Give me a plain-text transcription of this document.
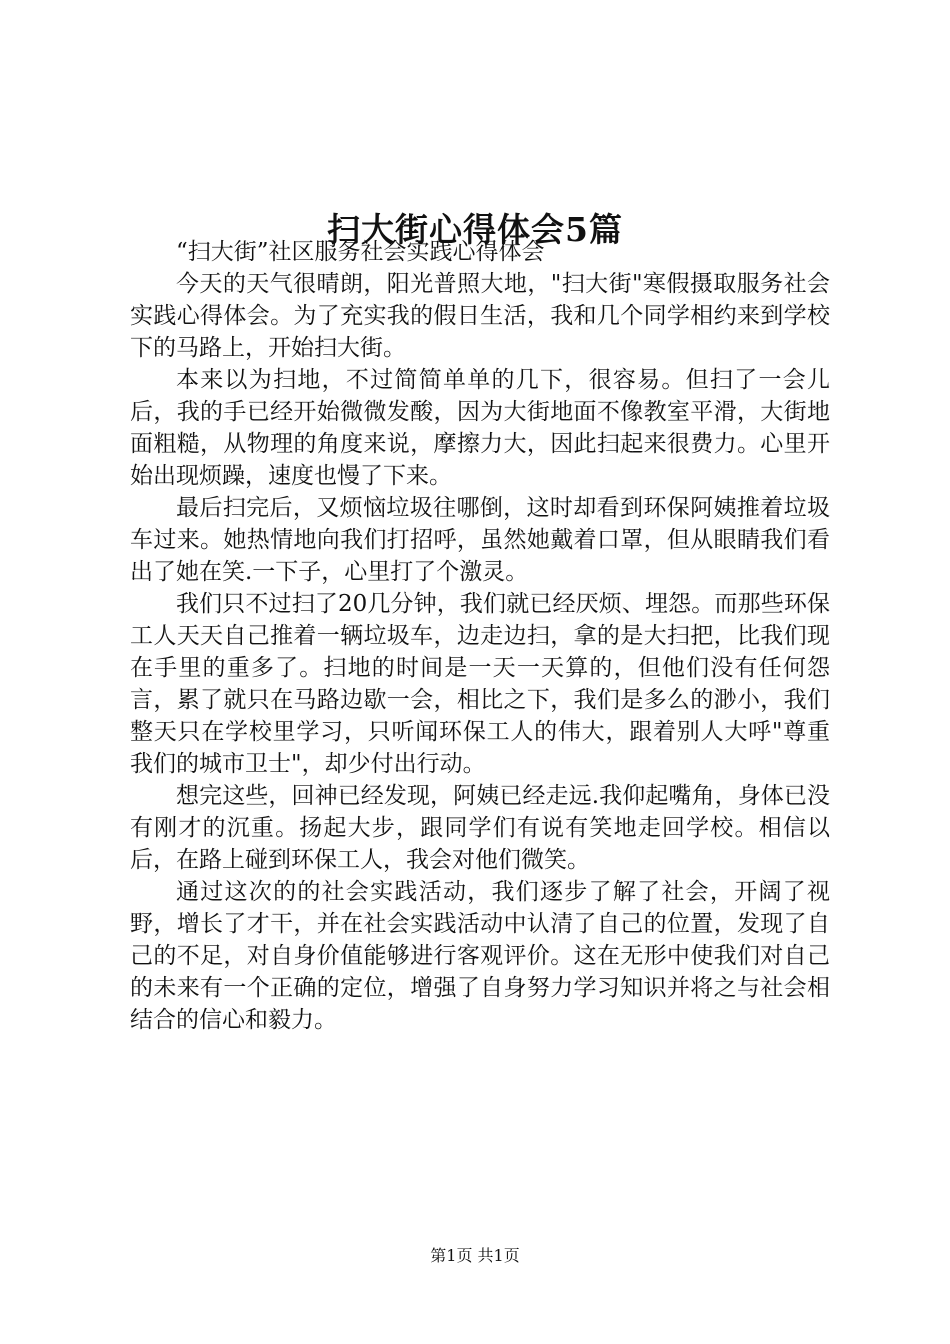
扫大街心得体会5篇

“扫大街”社区服务社会实践心得体会

今天的天气很晴朗，阳光普照大地，"扫大街"寒假摄取服务社会实践心得体会。为了充实我的假日生活，我和几个同学相约来到学校下的马路上，开始扫大街。

本来以为扫地，不过简简单单的几下，很容易。但扫了一会儿后，我的手已经开始微微发酸，因为大街地面不像教室平滑，大街地面粗糙，从物理的角度来说，摩擦力大，因此扫起来很费力。心里开始出现烦躁，速度也慢了下来。

最后扫完后，又烦恼垃圾往哪倒，这时却看到环保阿姨推着垃圾车过来。她热情地向我们打招呼，虽然她戴着口罩，但从眼睛我们看出了她在笑.一下子，心里打了个激灵。

我们只不过扫了20几分钟，我们就已经厌烦、埋怨。而那些环保工人天天自己推着一辆垃圾车，边走边扫，拿的是大扫把，比我们现在手里的重多了。扫地的时间是一天一天算的，但他们没有任何怨言，累了就只在马路边歇一会，相比之下，我们是多么的渺小，我们整天只在学校里学习，只听闻环保工人的伟大，跟着别人大呼"尊重我们的城市卫士"，却少付出行动。

想完这些，回神已经发现，阿姨已经走远.我仰起嘴角，身体已没有刚才的沉重。扬起大步，跟同学们有说有笑地走回学校。相信以后，在路上碰到环保工人，我会对他们微笑。

通过这次的的社会实践活动，我们逐步了解了社会，开阔了视野，增长了才干，并在社会实践活动中认清了自己的位置，发现了自己的不足，对自身价值能够进行客观评价。这在无形中使我们对自己的未来有一个正确的定位，增强了自身努力学习知识并将之与社会相结合的信心和毅力。

第1页 共1页
